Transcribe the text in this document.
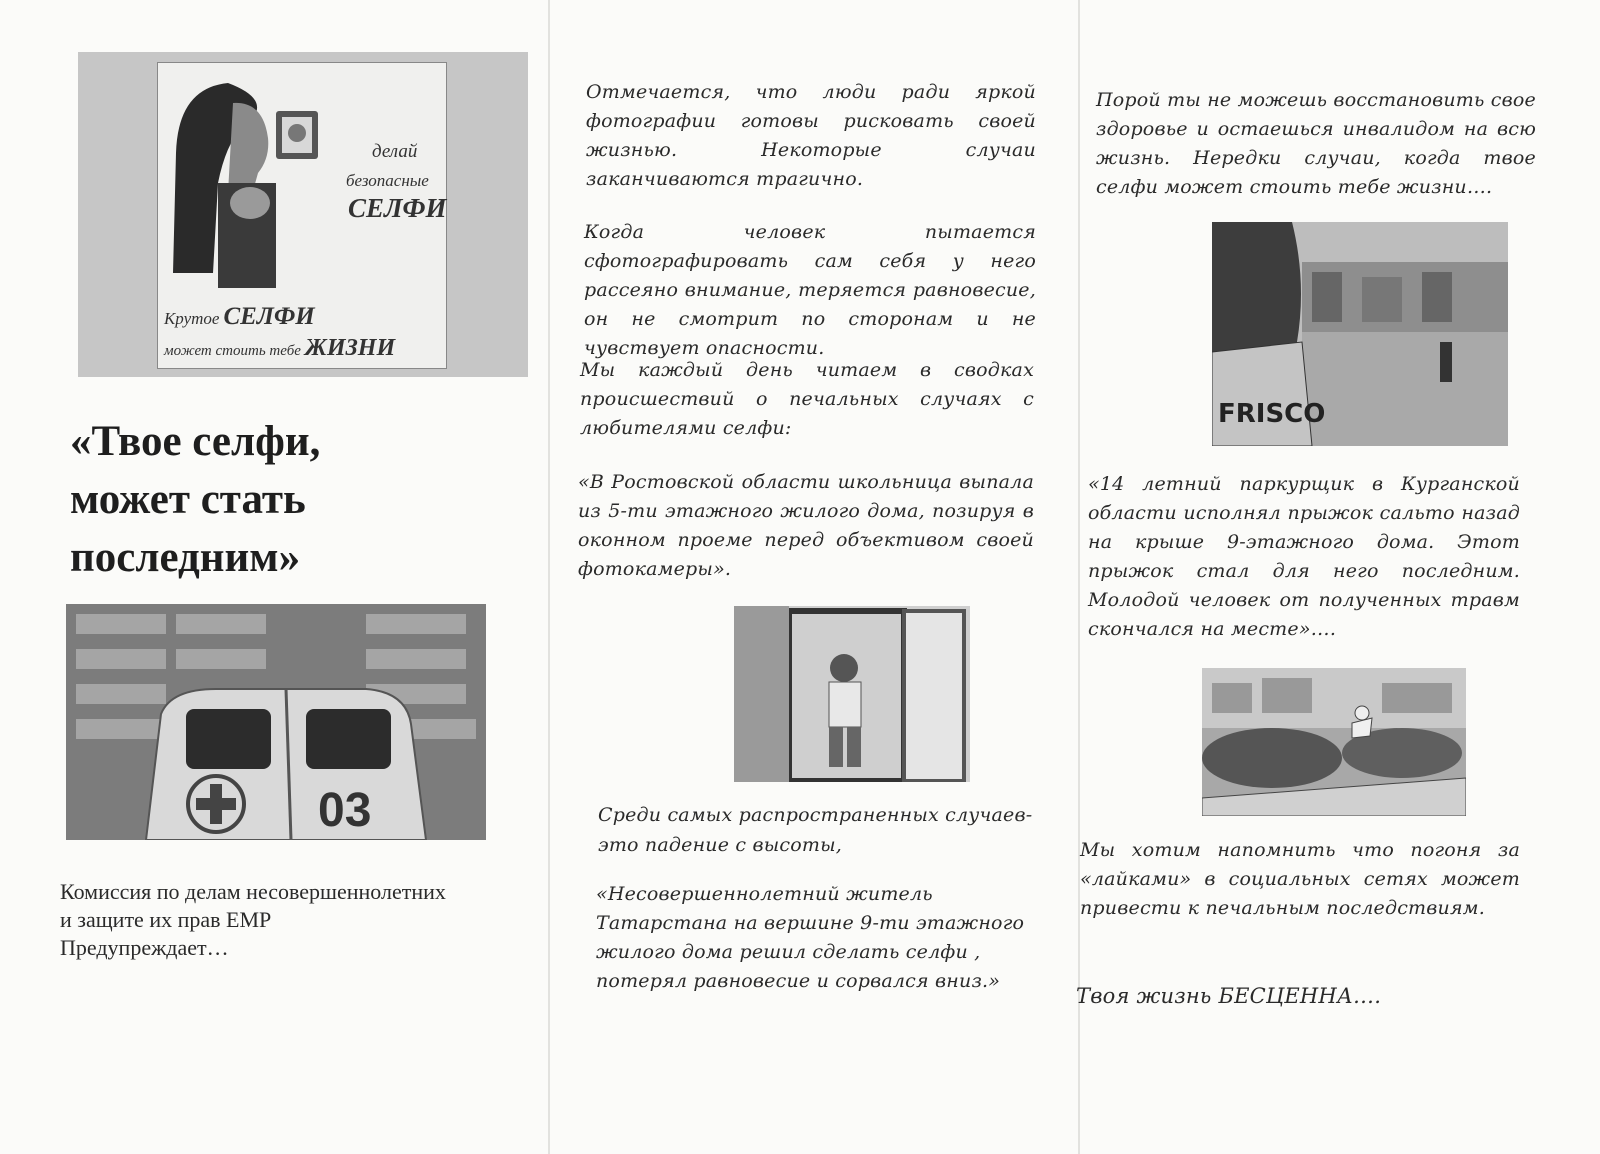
делай
безопасные
СЕЛФИ
Крутое СЕЛФИ
может стоить тебе ЖИЗНИ
«Твое селфи,
может стать
последним»
03
Комиссия по делам несовершеннолетних
и защите их прав ЕМР
Предупреждает…

Отмечается, что люди ради яркой фотографии готовы рисковать своей жизнью. Некоторые случаи заканчиваются трагично.

Когда человек пытается сфотографировать сам себя у него рассеяно внимание, теряется равновесие, он не смотрит по сторонам и не чувствует опасности.

Мы каждый день читаем в сводках происшествий о печальных случаях с любителями селфи:

«В Ростовской области школьница выпала из 5-ти этажного жилого дома, позируя в оконном проеме перед объективом своей фотокамеры».

Среди самых распространенных случаев-
это падение с высоты,

«Несовершеннолетний житель
Татарстана на вершине 9-ти этажного
жилого дома решил сделать селфи ,
потерял равновесие и сорвался вниз.»

Порой ты не можешь восстановить свое здоровье и остаешься инвалидом на всю жизнь. Нередки случаи, когда твое селфи может стоить тебе жизни….

FRISCO

«14 летний паркурщик в Курганской области исполнял прыжок сальто назад на крыше 9-этажного дома. Этот прыжок стал для него последним. Молодой человек от полученных травм скончался на месте»….

Мы хотим напомнить что погоня за «лайками» в социальных сетях может привести к печальным последствиям.

Твоя жизнь БЕСЦЕННА….
